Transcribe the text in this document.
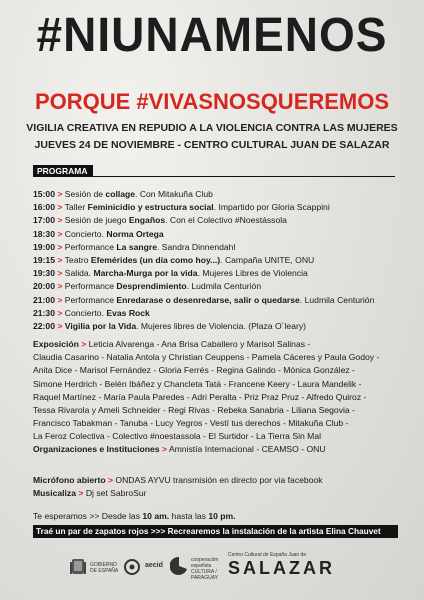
#NIUNAMENOS
PORQUE #VIVASNOSQUEREMOS
VIGILIA CREATIVA EN REPUDIO A LA VIOLENCIA CONTRA LAS MUJERES
JUEVES 24 DE NOVIEMBRE - CENTRO CULTURAL JUAN DE SALAZAR
PROGRAMA
15:00 > Sesión de collage. Con Mitakuña Club
16:00 > Taller Feminicidio y estructura social. Impartido por Gloria Scappini
17:00 > Sesión de juego Engaños. Con el Colectivo #Noestássola
18:30 > Concierto. Norma Ortega
19:00 > Performance La sangre. Sandra Dinnendahl
19:15 > Teatro Efemérides (un día como hoy...). Campaña UNITE, ONU
19:30 > Salida. Marcha-Murga por la vida. Mujeres Libres de Violencia
20:00 > Performance Desprendimiento. Ludmila Centurión
21:00 > Performance Enredarase o desenredarse, salir o quedarse. Ludmila Centurión
21:30 > Concierto. Evas Rock
22:00 > Vigilia por la Vida. Mujeres libres de Violencia. (Plaza O´leary)
Exposición > Leticia Alvarenga - Ana Brisa Caballero y Marisol Salinas -
Claudia Casarino - Natalia Antola y Christian Ceuppens - Pamela Cáceres y Paula Godoy -
Anita Dice - Marisol Fernández - Gloria Ferrés - Regina Galindo - Mónica González -
Simone Herdrich - Belén Ibáñez y Chancleta Tatá - Francene Keery - Laura Mandelik -
Raquel Martínez - María Paula Paredes - Adri Peralta - Priz Praz Pruz - Alfredo Quiroz -
Tessa Rivarola y Ameli Schneider - Regi Rivas - Rebeka Sanabria - Liliana Segovia -
Francisco Tabakman - Tanuba - Lucy Yegros - Vestí tus derechos - Mitakuña Club -
La Feroz Colectiva - Colectivo #noestassola - El Surtidor - La Tierra Sin Mal
Organizaciones e Instituciones > Amnistía Internacional - CEAMSO - ONU
Micrófono abierto > ONDAS AYVU transmisión en directo por via facebook
Musicaliza > Dj set SabroSur
Te esperamos >> Desde las 10 am. hasta las 10 pm.
Traé un par de zapatos rojos >>> Recrearemos la instalación de la artista Elina Chauvet
GOBIERNO DE ESPAÑA
aecid
cooperación
española
CULTURA / PARAGUAY
Centro Cultural de España Juan de
SALAZAR
